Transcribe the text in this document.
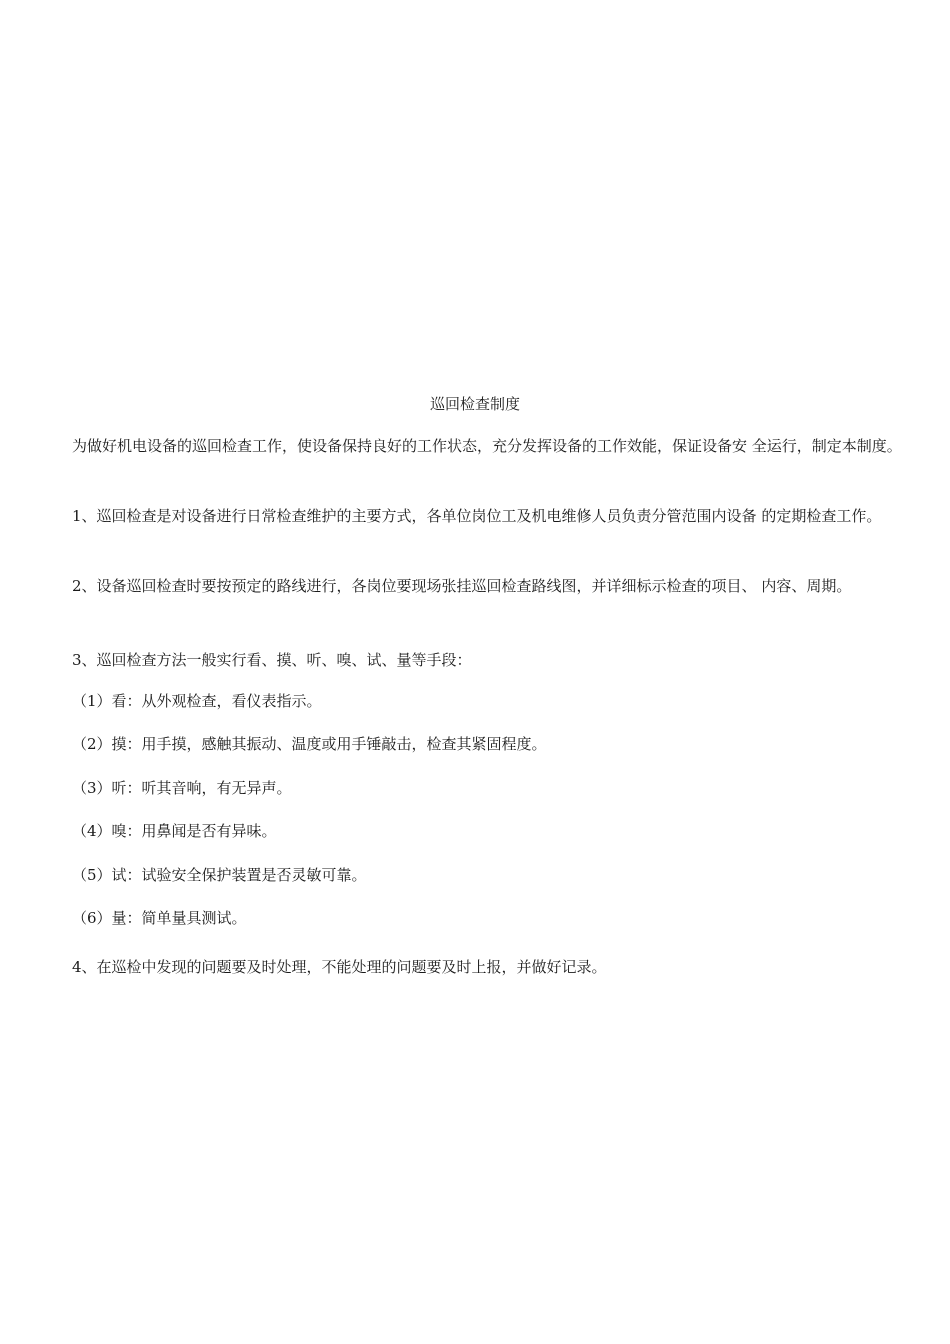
巡回检查制度
为做好机电设备的巡回检查工作，使设备保持良好的工作状态，充分发挥设备的工作效能，保证设备安 全运行，制定本制度。
1、巡回检查是对设备进行日常检查维护的主要方式，各单位岗位工及机电维修人员负责分管范围内设备 的定期检查工作。
2、设备巡回检查时要按预定的路线进行，各岗位要现场张挂巡回检查路线图，并详细标示检查的项目、 内容、周期。
3、巡回检查方法一般实行看、摸、听、嗅、试、量等手段：
（1）看：从外观检查，看仪表指示。
（2）摸：用手摸，感触其振动、温度或用手锤敲击，检查其紧固程度。
（3）听：听其音响，有无异声。
（4）嗅：用鼻闻是否有异味。
（5）试：试验安全保护装置是否灵敏可靠。
（6）量：简单量具测试。
4、在巡检中发现的问题要及时处理，不能处理的问题要及时上报，并做好记录。
